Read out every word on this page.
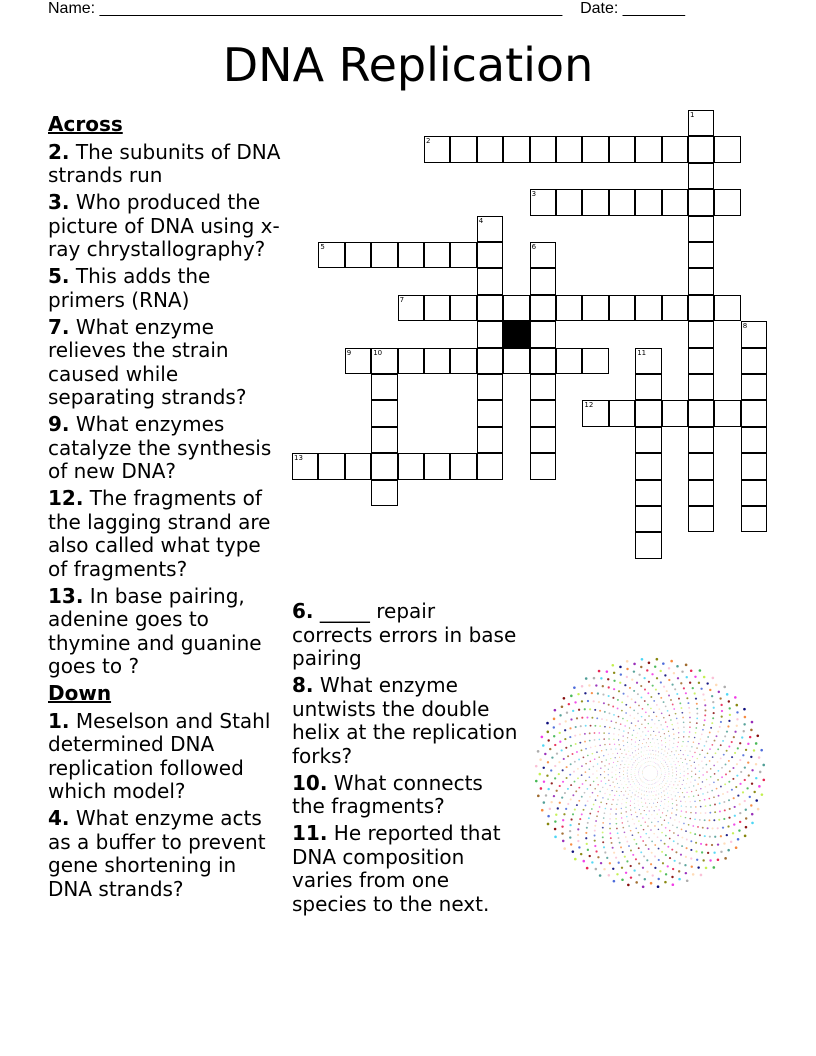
Name: ____________________________________________________ Date: _______
DNA Replication
Across
2. The subunits of DNA strands run
3. Who produced the picture of DNA using x-ray chrystallography?
5. This adds the primers (RNA)
7. What enzyme relieves the strain caused while separating strands?
9. What enzymes catalyze the synthesis of new DNA?
12. The fragments of the lagging strand are also called what type of fragments?
13. In base pairing, adenine goes to thymine and guanine goes to ?
Down
1. Meselson and Stahl determined DNA replication followed which model?
4. What enzyme acts as a buffer to prevent gene shortening in DNA strands?
6. _____ repair corrects errors in base pairing
8. What enzyme untwists the double helix at the replication forks?
10. What connects the fragments?
11. He reported that DNA composition varies from one species to the next.
1
2
3
4
5	6
7
8
9	10	11
12
13
